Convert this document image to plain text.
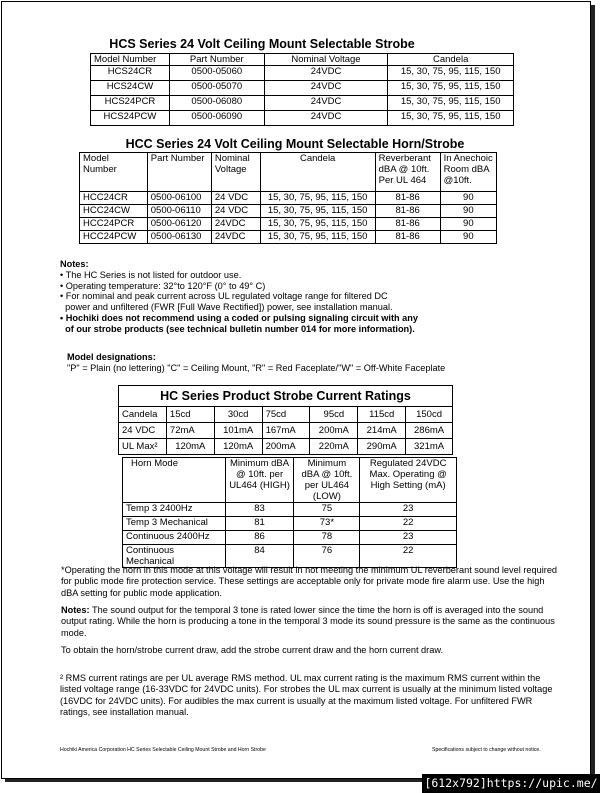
HCS Series 24 Volt Ceiling Mount Selectable Strobe
Model Number	Part Number	Nominal Voltage	Candela
HCS24CR	0500-05060	24VDC	15, 30, 75, 95, 115, 150
HCS24CW	0500-05070	24VDC	15, 30, 75, 95, 115, 150
HCS24PCR	0500-06080	24VDC	15, 30, 75, 95, 115, 150
HCS24PCW	0500-06090	24VDC	15, 30, 75, 95, 115, 150
HCC Series 24 Volt Ceiling Mount Selectable Horn/Strobe
Model Number	Part Number	Nominal Voltage	Candela	Reverberant dBA @ 10ft. Per UL 464	In Anechoic Room dBA @10ft.
HCC24CR	0500-06100	24 VDC	15, 30, 75, 95, 115, 150	81-86	90
HCC24CW	0500-06110	24 VDC	15, 30, 75, 95, 115, 150	81-86	90
HCC24PCR	0500-06120	24VDC	15, 30, 75, 95, 115, 150	81-86	90
HCC24PCW	0500-06130	24VDC	15, 30, 75, 95, 115, 150	81-86	90
Notes:
• The HC Series is not listed for outdoor use.
• Operating temperature: 32°to 120°F (0° to 49° C)
• For nominal and peak current across UL regulated voltage range for filtered DC
power and unfiltered (FWR [Full Wave Rectified]) power, see installation manual.
• Hochiki does not recommend using a coded or pulsing signaling circuit with any
of our strobe products (see technical bulletin number 014 for more information).
Model designations:
"P" = Plain (no lettering) "C" = Ceiling Mount, "R" = Red Faceplate/"W" = Off-White Faceplate
HC Series Product Strobe Current Ratings						
Candela	15cd	30cd	75cd	95cd	115cd	150cd
24 VDC	72mA	101mA	167mA	200mA	214mA	286mA
UL Max²	120mA	120mA	200mA	220mA	290mA	321mA
Horn Mode	Minimum dBA @ 10ft. per UL464 (HIGH)	Minimum dBA @ 10ft. per UL464 (LOW)	Regulated 24VDC Max. Operating @ High Setting (mA)
Temp 3 2400Hz	83	75	23
Temp 3 Mechanical	81	73*	22
Continuous 2400Hz	86	78	23
Continuous Mechanical	84	76	22
*Operating the horn in this mode at this voltage will result in not meeting the minimum UL reverberant sound level required for public mode fire protection service. These settings are acceptable only for private mode fire alarm use. Use the high dBA setting for public mode application.
Notes: The sound output for the temporal 3 tone is rated lower since the time the horn is off is averaged into the sound output rating. While the horn is producing a tone in the temporal 3 mode its sound pressure is the same as the continuous mode.
To obtain the horn/strobe current draw, add the strobe current draw and the horn current draw.
² RMS current ratings are per UL average RMS method. UL max current rating is the maximum RMS current within the listed voltage range (16-33VDC for 24VDC units). For strobes the UL max current is usually at the minimum listed voltage (16VDC for 24VDC units). For audibles the max current is usually at the maximum listed voltage. For unfiltered FWR ratings, see installation manual.
Hochiki America Corporation HC Series Selectable Ceiling Mount Strobe and Horn Strobe	Specifications subject to change without notice.
[612x792]https://upic.me/
